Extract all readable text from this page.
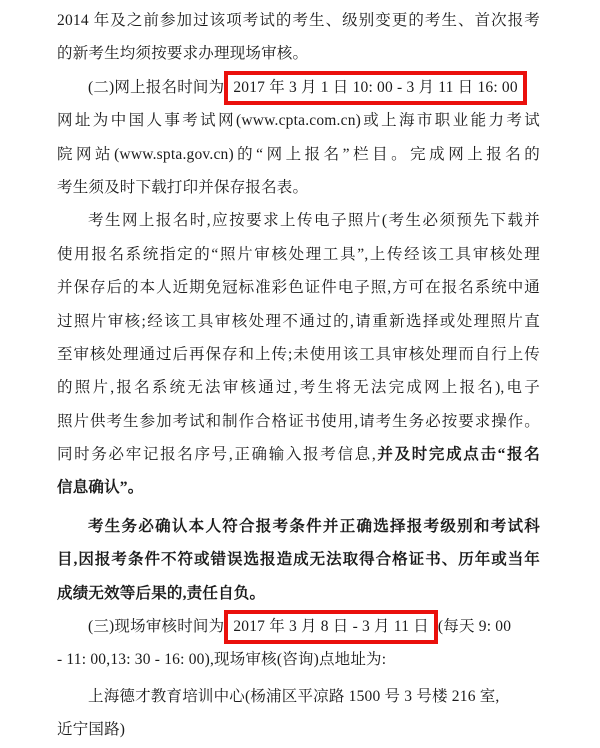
2014 年及之前参加过该项考试的考生、级别变更的考生、首次报考
的新考生均须按要求办理现场审核。
(二)网上报名时间为 2017 年 3 月 1 日 10: 00 - 3 月 11 日 16: 00
网址为中国人事考试网(www.cpta.com.cn)或上海市职业能力考试
院网站(www.spta.gov.cn)的“网上报名”栏目。完成网上报名的
考生须及时下载打印并保存报名表。
考生网上报名时,应按要求上传电子照片(考生必须预先下载并
使用报名系统指定的“照片审核处理工具”,上传经该工具审核处理
并保存后的本人近期免冠标准彩色证件电子照,方可在报名系统中通
过照片审核;经该工具审核处理不通过的,请重新选择或处理照片直
至审核处理通过后再保存和上传;未使用该工具审核处理而自行上传
的照片,报名系统无法审核通过,考生将无法完成网上报名),电子
照片供考生参加考试和制作合格证书使用,请考生务必按要求操作。
同时务必牢记报名序号,正确输入报考信息,并及时完成点击“报名
信息确认”。
考生务必确认本人符合报考条件并正确选择报考级别和考试科
目,因报考条件不符或错误选报造成无法取得合格证书、历年或当年
成绩无效等后果的,责任自负。
(三)现场审核时间为 2017 年 3 月 8 日 - 3 月 11 日 (每天 9: 00
- 11: 00,13: 30 - 16: 00),现场审核(咨询)点地址为:
上海德才教育培训中心(杨浦区平凉路 1500 号 3 号楼 216 室,
近宁国路)
